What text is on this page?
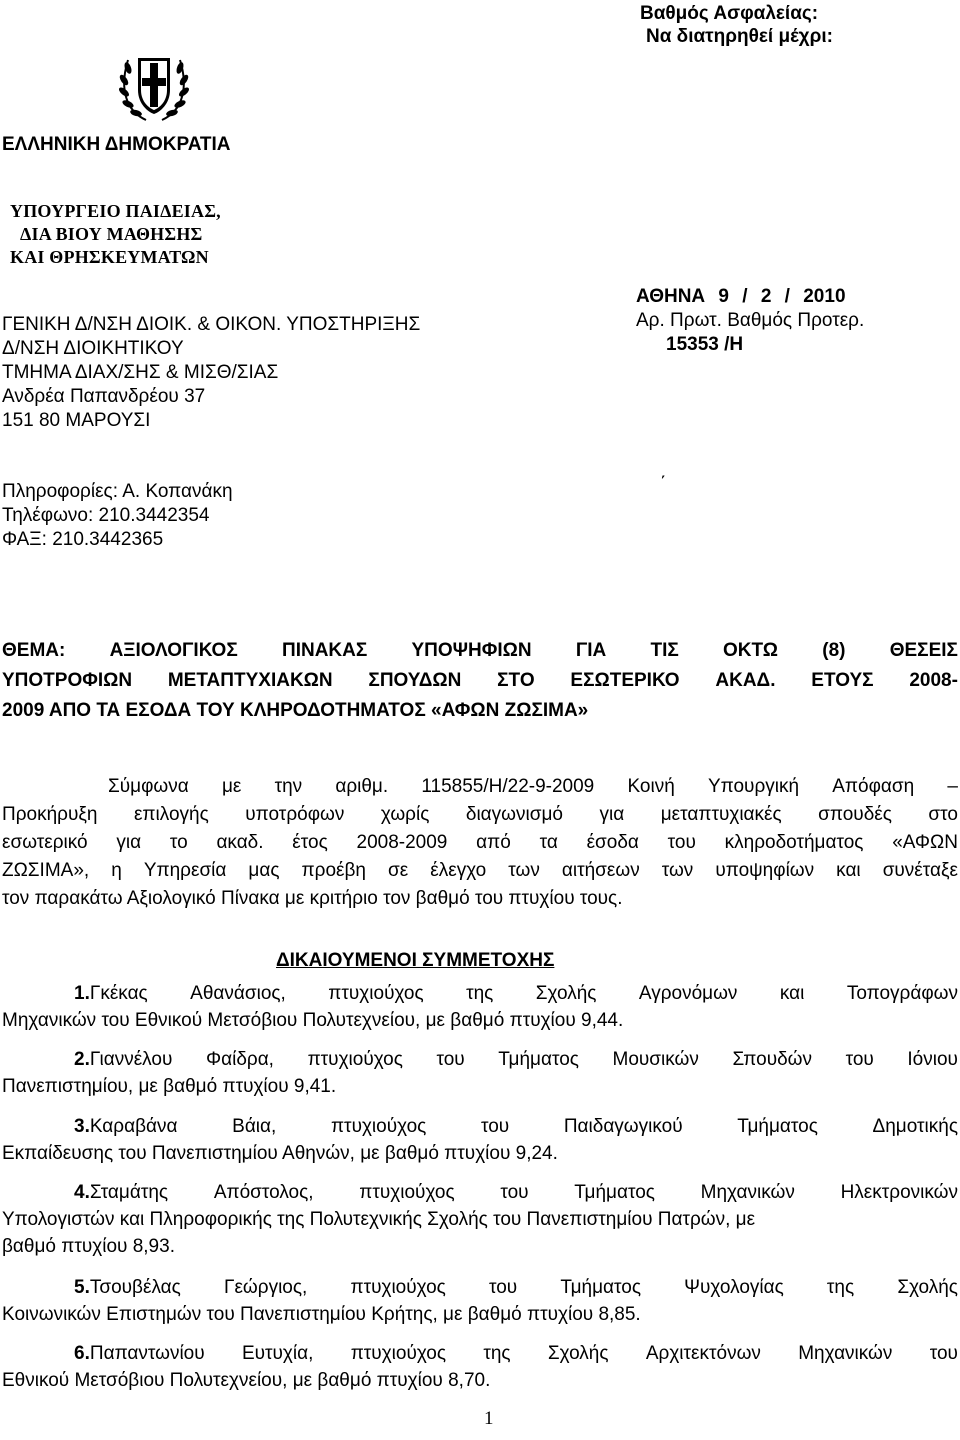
Βαθμός Ασφαλείας:
Να διατηρηθεί μέχρι:
ΕΛΛΗΝΙΚΗ ΔΗΜΟΚΡΑΤΙΑ
ΥΠΟΥΡΓΕΙΟ ΠΑΙΔΕΙΑΣ,
ΔΙΑ ΒΙΟΥ ΜΑΘΗΣΗΣ
ΚΑΙ ΘΡΗΣΚΕΥΜΑΤΩΝ
ΓΕΝΙΚΗ Δ/ΝΣΗ ΔΙΟΙΚ. & ΟΙΚΟΝ. ΥΠΟΣΤΗΡΙΞΗΣ
Δ/ΝΣΗ ΔΙΟΙΚΗΤΙΚΟΥ
ΤΜΗΜΑ ΔΙΑΧ/ΣΗΣ & ΜΙΣΘ/ΣΙΑΣ
Ανδρέα Παπανδρέου 37
151 80 ΜΑΡΟΥΣΙ
ΑΘΗΝΑ 9 / 2 / 2010
Αρ. Πρωτ. Βαθμός Προτερ.
15353 /Η
Πληροφορίες: Α. Κοπανάκη
Τηλέφωνο: 210.3442354
ΦΑΞ: 210.3442365
΄
ΘΕΜΑ: ΑΞΙΟΛΟΓΙΚΟΣ ΠΙΝΑΚΑΣ ΥΠΟΨΗΦΙΩΝ ΓΙΑ ΤΙΣ ΟΚΤΩ (8) ΘΕΣΕΙΣ
ΥΠΟΤΡΟΦΙΩΝ ΜΕΤΑΠΤΥΧΙΑΚΩΝ ΣΠΟΥΔΩΝ ΣΤΟ ΕΣΩΤΕΡΙΚΟ ΑΚΑΔ. ΕΤΟΥΣ 2008-
2009 ΑΠΟ ΤΑ ΕΣΟΔΑ ΤΟΥ ΚΛΗΡΟΔΟΤΗΜΑΤΟΣ «ΑΦΩΝ ΖΩΣΙΜΑ»
Σύμφωνα με την αριθμ. 115855/Η/22-9-2009 Κοινή Υπουργική Απόφαση –
Προκήρυξη επιλογής υποτρόφων χωρίς διαγωνισμό για μεταπτυχιακές σπουδές στο
εσωτερικό για το ακαδ. έτος 2008-2009 από τα έσοδα του κληροδοτήματος «ΑΦΩΝ
ΖΩΣΙΜΑ», η Υπηρεσία μας προέβη σε έλεγχο των αιτήσεων των υποψηφίων και συνέταξε
τον παρακάτω Αξιολογικό Πίνακα με κριτήριο τον βαθμό του πτυχίου τους.
ΔΙΚΑΙΟΥΜΕΝΟΙ ΣΥΜΜΕΤΟΧΗΣ
1.Γκέκας Αθανάσιος, πτυχιούχος της Σχολής Αγρονόμων και Τοπογράφων
Μηχανικών του Εθνικού Μετσόβιου Πολυτεχνείου, με βαθμό πτυχίου 9,44.
2.Γιαννέλου Φαίδρα, πτυχιούχος του Τμήματος Μουσικών Σπουδών του Ιόνιου
Πανεπιστημίου, με βαθμό πτυχίου 9,41.
3.Καραβάνα	Βάια,	πτυχιούχος	του	Παιδαγωγικού	Τμήματος	Δημοτικής
Εκπαίδευσης του Πανεπιστημίου Αθηνών, με βαθμό πτυχίου 9,24.
4.Σταμάτης Απόστολος, πτυχιούχος του Τμήματος Μηχανικών Ηλεκτρονικών
Υπολογιστών και Πληροφορικής της Πολυτεχνικής Σχολής του Πανεπιστημίου Πατρών, με
βαθμό πτυχίου 8,93.
5.Τσουβέλας Γεώργιος, πτυχιούχος του Τμήματος Ψυχολογίας της Σχολής
Κοινωνικών Επιστημών του Πανεπιστημίου Κρήτης, με βαθμό πτυχίου 8,85.
6.Παπαντωνίου Ευτυχία, πτυχιούχος της Σχολής Αρχιτεκτόνων Μηχανικών του
Εθνικού Μετσόβιου Πολυτεχνείου, με βαθμό πτυχίου 8,70.
1
